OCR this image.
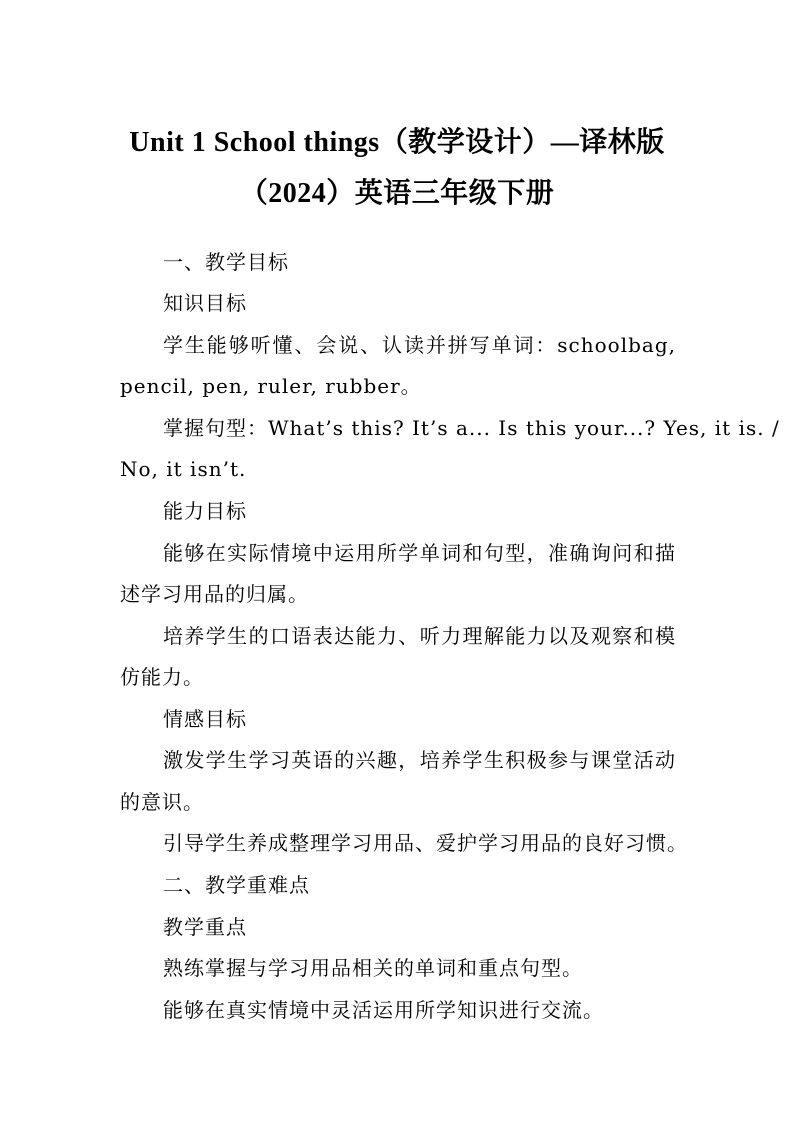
Unit 1 School things（教学设计）—译林版
（2024）英语三年级下册
一、教学目标
知识目标
学生能够听懂、会说、认读并拼写单词：schoolbag,
pencil, pen, ruler, rubber。
掌握句型：What’s this? It’s a... Is this your...? Yes, it is. /
No, it isn’t.
能力目标
能够在实际情境中运用所学单词和句型，准确询问和描
述学习用品的归属。
培养学生的口语表达能力、听力理解能力以及观察和模
仿能力。
情感目标
激发学生学习英语的兴趣，培养学生积极参与课堂活动
的意识。
引导学生养成整理学习用品、爱护学习用品的良好习惯。
二、教学重难点
教学重点
熟练掌握与学习用品相关的单词和重点句型。
能够在真实情境中灵活运用所学知识进行交流。
